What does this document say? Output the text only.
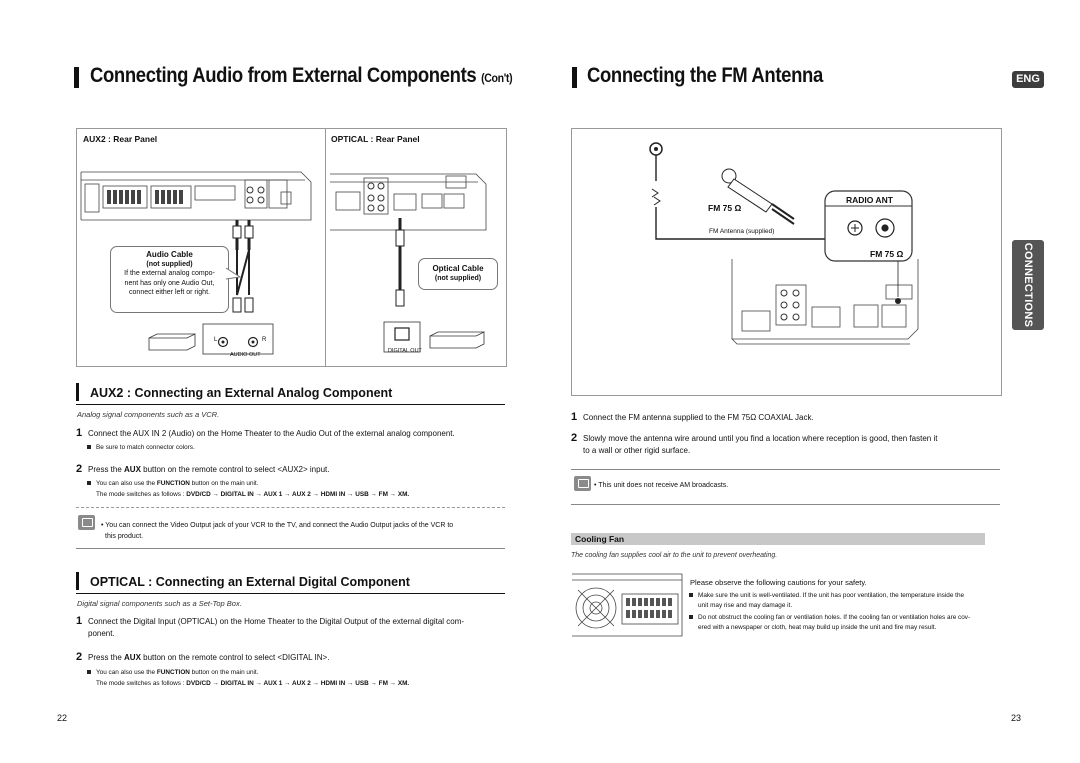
Connecting Audio from External Components (Con't)
AUX2 : Rear Panel	OPTICAL : Rear Panel
L	R
AUDIO OUT
Audio Cable
(not supplied)
If the external analog compo-
nent has only one Audio Out,
connect either left or right.
DIGITAL OUT
Optical Cable
(not supplied)
AUX2 : Connecting an External Analog Component
Analog signal components such as a VCR.
1 Connect the AUX IN 2 (Audio) on the Home Theater to the Audio Out of the external analog component.
Be sure to match connector colors.
2 Press the AUX button on the remote control to select <AUX2> input.
You can also use the FUNCTION button on the main unit.
The mode switches as follows : DVD/CD → DIGITAL IN → AUX 1 → AUX 2 → HDMI IN → USB → FM → XM.
• You can connect the Video Output jack of your VCR to the TV, and connect the Audio Output jacks of the VCR to
this product.
OPTICAL : Connecting an External Digital Component
Digital signal components such as a Set-Top Box.
1 Connect the Digital Input (OPTICAL) on the Home Theater to the Digital Output of the external digital com-
ponent.
2 Press the AUX button on the remote control to select <DIGITAL IN>.
You can also use the FUNCTION button on the main unit.
The mode switches as follows : DVD/CD → DIGITAL IN → AUX 1 → AUX 2 → HDMI IN → USB → FM → XM.
22
Connecting the FM Antenna	ENG
CONNECTIONS
RADIO ANT
FM 75 Ω
FM 75 Ω
FM Antenna (supplied)
1 Connect the FM antenna supplied to the FM 75Ω COAXIAL Jack.
2 Slowly move the antenna wire around until you find a location where reception is good, then fasten it
to a wall or other rigid surface.
• This unit does not receive AM broadcasts.
Cooling Fan
The cooling fan supplies cool air to the unit to prevent overheating.
Please observe the following cautions for your safety.
Make sure the unit is well-ventilated. If the unit has poor ventilation, the temperature inside the
unit may rise and may damage it.
Do not obstruct the cooling fan or ventilation holes. If the cooling fan or ventilation holes are cov-
ered with a newspaper or cloth, heat may build up inside the unit and fire may result.
23
